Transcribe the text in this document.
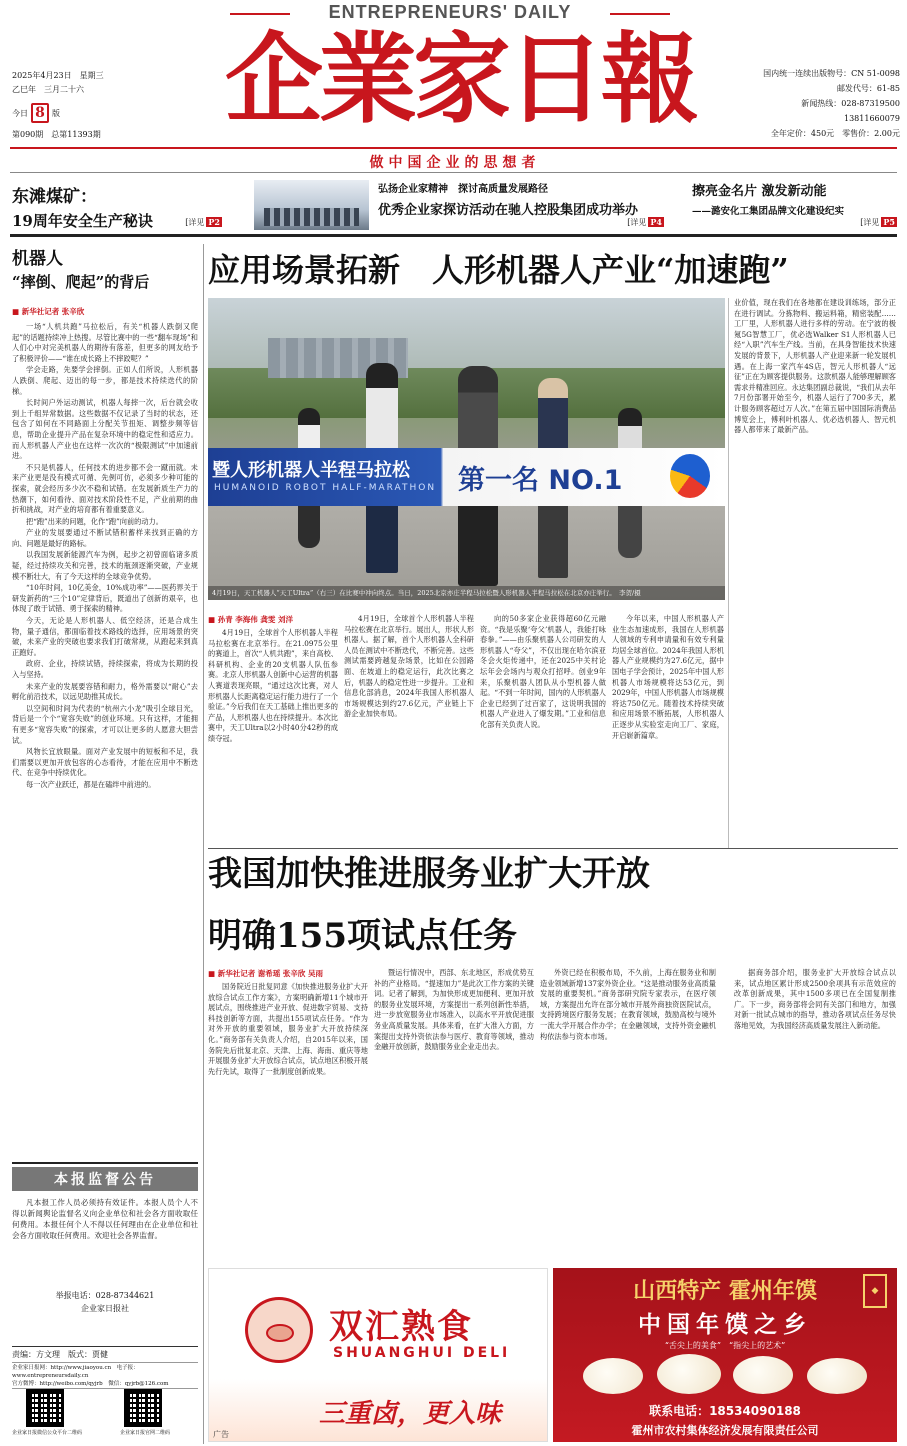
ENTREPRENEURS' DAILY
企業家日報
2025年4月23日　 星期三
乙巳年　 三月二十六
今日 8 版
第090期　 总第11393期
国内统一连续出版物号：CN 51-0098
邮发代号：61-85
新闻热线：028-87319500
13811660079
全年定价：450元　零售价：2.00元
做中国企业的思想者
东滩煤矿：
19周年安全生产秘诀	[详见 P2
弘扬企业家精神　探讨高质量发展路径
优秀企业家探访活动在驰人控股集团成功举办
[详见 P4
擦亮金名片 激发新动能
——潞安化工集团品牌文化建设纪实
[详见 P5
机器人
“摔倒、爬起”的背后
■ 新华社记者 张辛欣

一场“人机共跑”马拉松后，有关“机器人跌倒又爬起”的话题持续冲上热搜。尽管比赛中的一些“翻车现场”和人们心中对完美机器人的期待有落差，但更多的网友给予了积极评价——“谁在成长路上不摔跤呢？”

学会走路，先要学会摔倒。正如人们所说，人形机器人跌倒、爬起、迈出的每一步，都是技术持续迭代的阶梯。

长时间户外运动测试，机器人每摔一次，后台就会收到上千组异常数据。这些数据不仅记录了当时的状态，还包含了如何在不同路面上分配关节扭矩、调整步频等信息，帮助企业提升产品在复杂环境中的稳定性和适应力。而人形机器人产业也在这样一次次的“极限测试”中加速前进。

不只是机器人，任何技术的进步都不会一蹴而就。未来产业更是没有模式可循、先例可仿，必须多少种可能的探索，就会经历多少次不稳和试错。在发展新质生产力的热潮下，如何看待、面对技术阶段性不足，产业前期的曲折和挑战，对产业的培育都有着重要意义。

把“跑”出来的问题，化作“跑”向前的动力。

产业的发展要通过不断试错积蓄样来找到正确的方向、问题是最好的路标。

以我国发展新能源汽车为例，起步之初曾面临诸多质疑，经过持续攻关和完善，技术的瓶颈逐渐突破，产业规模不断壮大，有了今天这样的全球竞争优势。

“10年时间，10亿美金，10%成功率”——医药界关于研发新药的“三个10”定律背后，既道出了创新的艰辛，也体现了敢于试错、勇于探索的精神。

今天，无论是人形机器人、低空经济，还是合成生物，量子通信，都面临着技术路线的选择，应用场景的突破，未来产业的突破也要求我们打破常规，从跑起来到真正跑好。

政府、企业，持续试错，持续探索，将成为长期的投入与坚持。

未来产业的发展要容错和耐力，格外需要以“耐心”去孵化前沿技术，以远见助推其成长。

以空间和时间为代表的“杭州六小龙”吸引全球目光，背后是一个个“宽容失败”的创业环境。只有这样，才能拥有更多“宽容失败”的探索，才可以让更多的人愿意大胆尝试。

风物长宜放眼量。面对产业发展中的短板和不足，我们需要以更加开放包容的心态看待，才能在应用中不断迭代、在竞争中持续优化。

每一次产业跃迁，都是在磕绊中前进的。

本报监督公告
凡本报工作人员必须持有效证件。本报人员个人不得以新闻舆论监督名义向企业单位和社会各方面收取任何费用。本报任何个人不得以任何理由在企业单位和社会各方面收取任何费用。欢迎社会各界监督。
举报电话：028-87344621
企业家日报社
责编：方文理　版式：贾健
企业家日报网：http://www.jiaoyou.cn　电子报：www.entrepreneursdaily.cn
官方微博：http://weibo.com/qyjrb　微信：qyjrb@126.com
企业家日报微信公众平台二维码	企业家日报官网二维码
应用场景拓新　人形机器人产业“加速跑”
暨人形机器人半程马拉松
HUMANOID ROBOT HALF-MARATHON 第一名 NO.1
4月19日，天工机器人“天工Ultra”（右三）在比赛中冲向终点。当日，2025北京亦庄半程马拉松暨人形机器人半程马拉松在北京亦庄举行。　 李贺/摄
■ 孙青 李海伟 龚雯 刘洋
4月19日，全球首个人形机器人半程马拉松赛在北京举行。在21.0975公里的赛道上，首次“人机共跑”，来自高校、科研机构、企业的20支机器人队伍参赛。北京人形机器人创新中心运营的机器人赛道表现亮眼，“通过这次比赛，对人形机器人长距离稳定运行能力进行了一个验证。”今后我们在天工基础上推出更多的产品，人形机器人也在持续提升。本次比赛中，天工Ultra以2小时40分42秒的成绩夺冠。
4月19日，全球首个人形机器人半程马拉松赛在北京举行。展出人，形状人形机器人。据了解，首个人形机器人全科研人员在测试中不断迭代，不断完善。这些测试需要跨越复杂场景，比如在公园路面、在坡道上的稳定运行，此次比赛之后，机器人的稳定性进一步提升。工业和信息化部消息，2024年我国人形机器人市场规模达到约27.6亿元，产业链上下游企业加快布局。
向的50多家企业获得超60亿元融资。“我是乐聚‘夸父’机器人，我能打咏春拳。”——由乐聚机器人公司研发的人形机器人“夸父”，不仅出现在哈尔滨亚冬会火炬传递中，还在2025中关村论坛年会会场内与观众打招呼。创业9年来，乐聚机器人团队从小型机器人做起。“不到一年时间，国内的人形机器人企业已经到了过百家了，这说明我国的机器人产业进入了爆发期。”工业和信息化部有关负责人说。
业价值，现在我们在各地都在建设训练场，部分正在进行调试。分拣物料、搬运料箱，精密装配……工厂里，人形机器人进行多样的劳动。在宁波的极氪5G智慧工厂，优必选Walker S1人形机器人已经“入职”汽车生产线。当前，在具身智能技术快速发展的背景下，人形机器人产业迎来新一轮发展机遇。在上海一家汽车4S店，智元人形机器人“远征”正在为顾客提供服务。这款机器人能够理解顾客需求并精准回应。永达集团副总裁说，“我们从去年7月份部署开始至今，机器人运行了700多天，累计服务顾客超过万人次。”在第五届中国国际消费品博览会上，傅利叶机器人、优必选机器人、智元机器人都带来了最新产品。
今年以来，中国人形机器人产业生态加速成形，我国在人形机器人领域的专利申请量和有效专利量均居全球首位。2024年我国人形机器人产业规模约为27.6亿元，据中国电子学会预计，2025年中国人形机器人市场规模将达53亿元，到2029年，中国人形机器人市场规模将达750亿元。随着技术持续突破和应用场景不断拓展，人形机器人正逐步从实验室走向工厂、家庭，开启崭新篇章。
我国加快推进服务业扩大开放
明确155项试点任务
■ 新华社记者 谢希瑶 张辛欣 吴雨
国务院近日批复同意《加快推进服务业扩大开放综合试点工作方案》，方案明确新增11个城市开展试点，围绕推进产业开放、促进数字贸易、支持科技创新等方面，共提出155项试点任务。“作为对外开放的重要领域，服务业扩大开放持续深化。”商务部有关负责人介绍，自2015年以来，国务院先后批复北京、天津、上海、海南、重庆等地开展服务业扩大开放综合试点，试点地区积极开展先行先试，取得了一批制度创新成果。
暨运行情况中，西部、东北地区，形成优势互补的产业格局。“提速加力”是此次工作方案的关键词。记者了解到，为加快形成更加便利、更加开放的服务业发展环境，方案提出一系列创新性举措，进一步放宽服务业市场准入，以高水平开放促进服务业高质量发展。具体来看，在扩大准入方面，方案提出支持外资依法参与医疗、教育等领域，推动金融开放创新，鼓励服务业企业走出去。
外资已经在积极布局，不久前，上海在服务业和制造业领域新增137家外资企业。“这是推动服务业高质量发展的重要契机。”商务部研究院专家表示，在医疗领域，方案提出允许在部分城市开展外商独资医院试点，支持跨境医疗服务发展；在教育领域，鼓励高校与境外一流大学开展合作办学；在金融领域，支持外资金融机构依法参与资本市场。
据商务部介绍，服务业扩大开放综合试点以来，试点地区累计形成2500余项具有示范效应的改革创新成果，其中1500多项已在全国复制推广。下一步，商务部将会同有关部门和地方，加强对新一批试点城市的指导，推动各项试点任务尽快落地见效，为我国经济高质量发展注入新动能。
双汇熟食
SHUANGHUI DELI
三重卤，更入味
广告
山西特产 霍州年馍
中国年馍之乡
“舌尖上的美食”　“指尖上的艺术”
◆
联系电话：18534090188
霍州市农村集体经济发展有限责任公司
